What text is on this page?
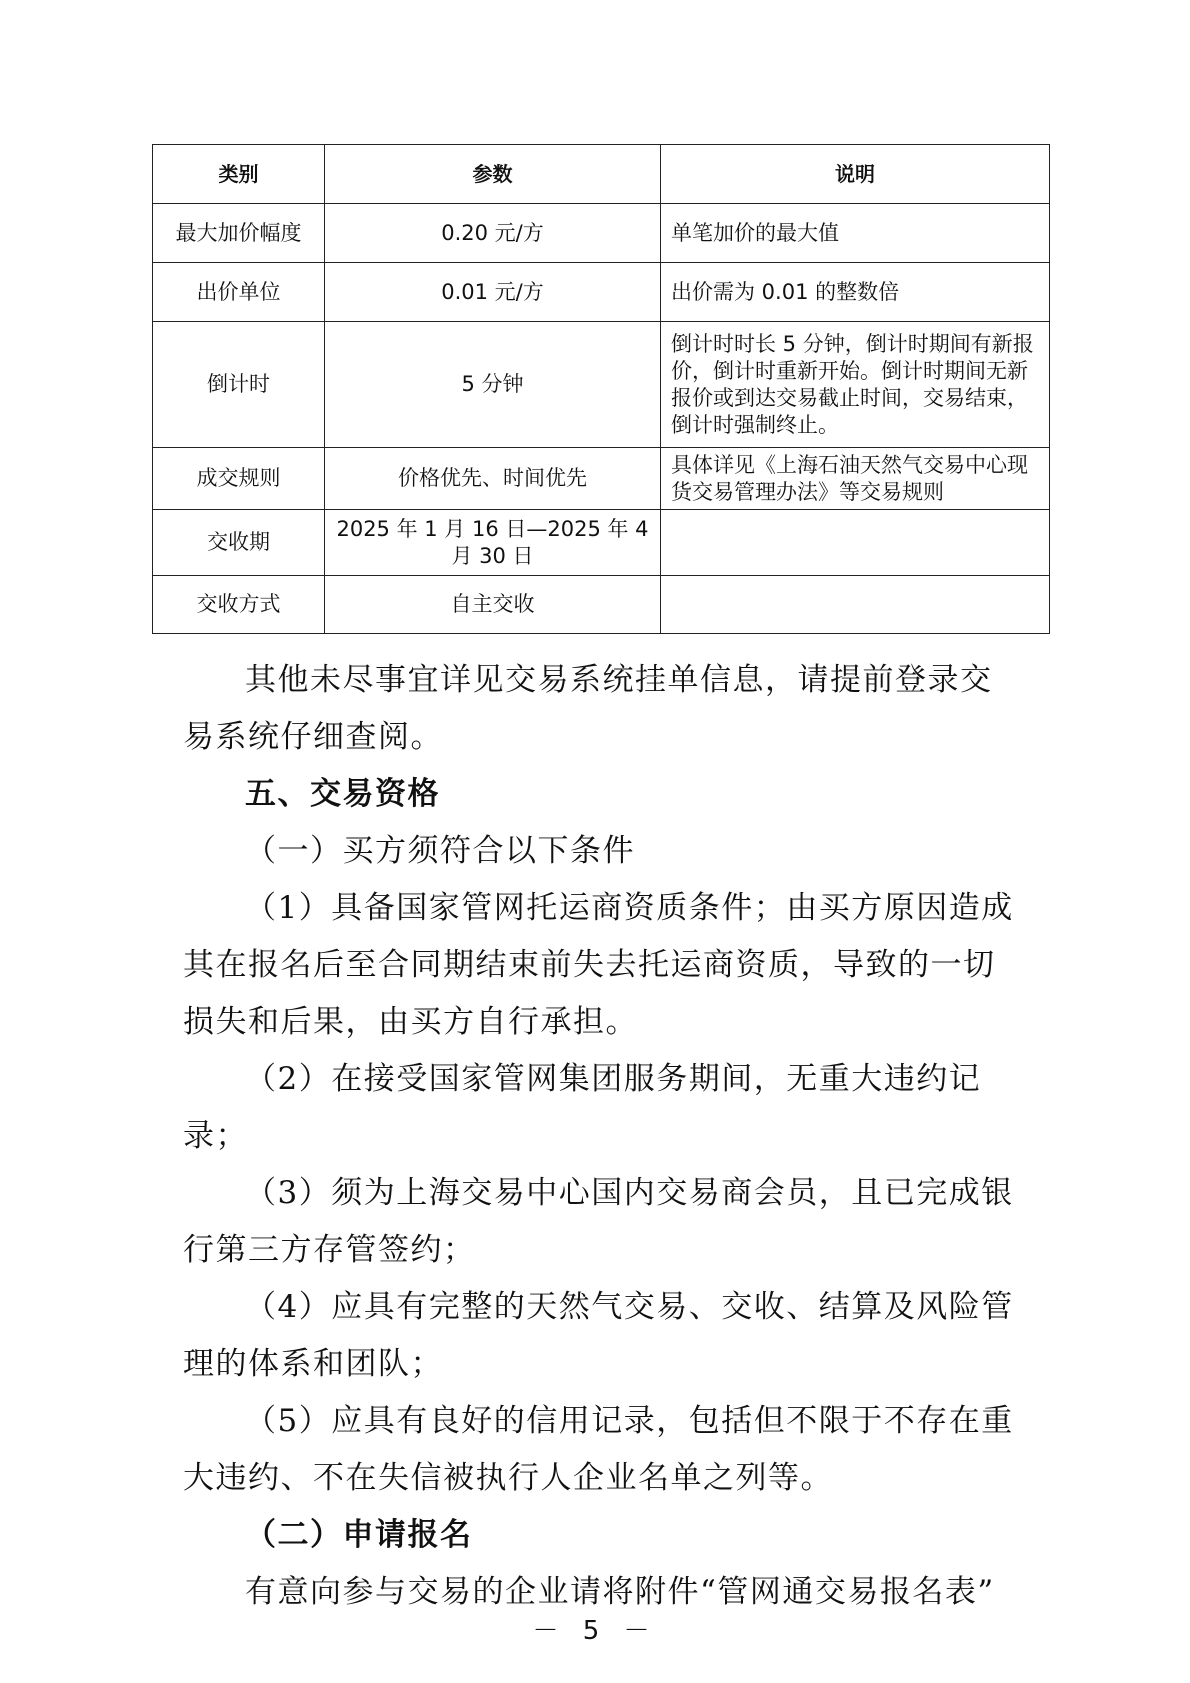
类别	参数	说明
最大加价幅度	0.20 元/方	单笔加价的最大值
出价单位	0.01 元/方	出价需为 0.01 的整数倍
倒计时	5 分钟	倒计时时长 5 分钟，倒计时期间有新报价，倒计时重新开始。倒计时期间无新报价或到达交易截止时间，交易结束，倒计时强制终止。
成交规则	价格优先、时间优先	具体详见《上海石油天然气交易中心现货交易管理办法》等交易规则
交收期	2025 年 1 月 16 日—2025 年 4 月 30 日	
交收方式	自主交收	

其他未尽事宜详见交易系统挂单信息，请提前登录交易系统仔细查阅。

五、交易资格

（一）买方须符合以下条件

（1）具备国家管网托运商资质条件；由买方原因造成其在报名后至合同期结束前失去托运商资质，导致的一切损失和后果，由买方自行承担。

（2）在接受国家管网集团服务期间，无重大违约记录；

（3）须为上海交易中心国内交易商会员，且已完成银行第三方存管签约；

（4）应具有完整的天然气交易、交收、结算及风险管理的体系和团队；

（5）应具有良好的信用记录，包括但不限于不存在重大违约、不在失信被执行人企业名单之列等。

（二）申请报名

有意向参与交易的企业请将附件“管网通交易报名表”

－ 5 －
